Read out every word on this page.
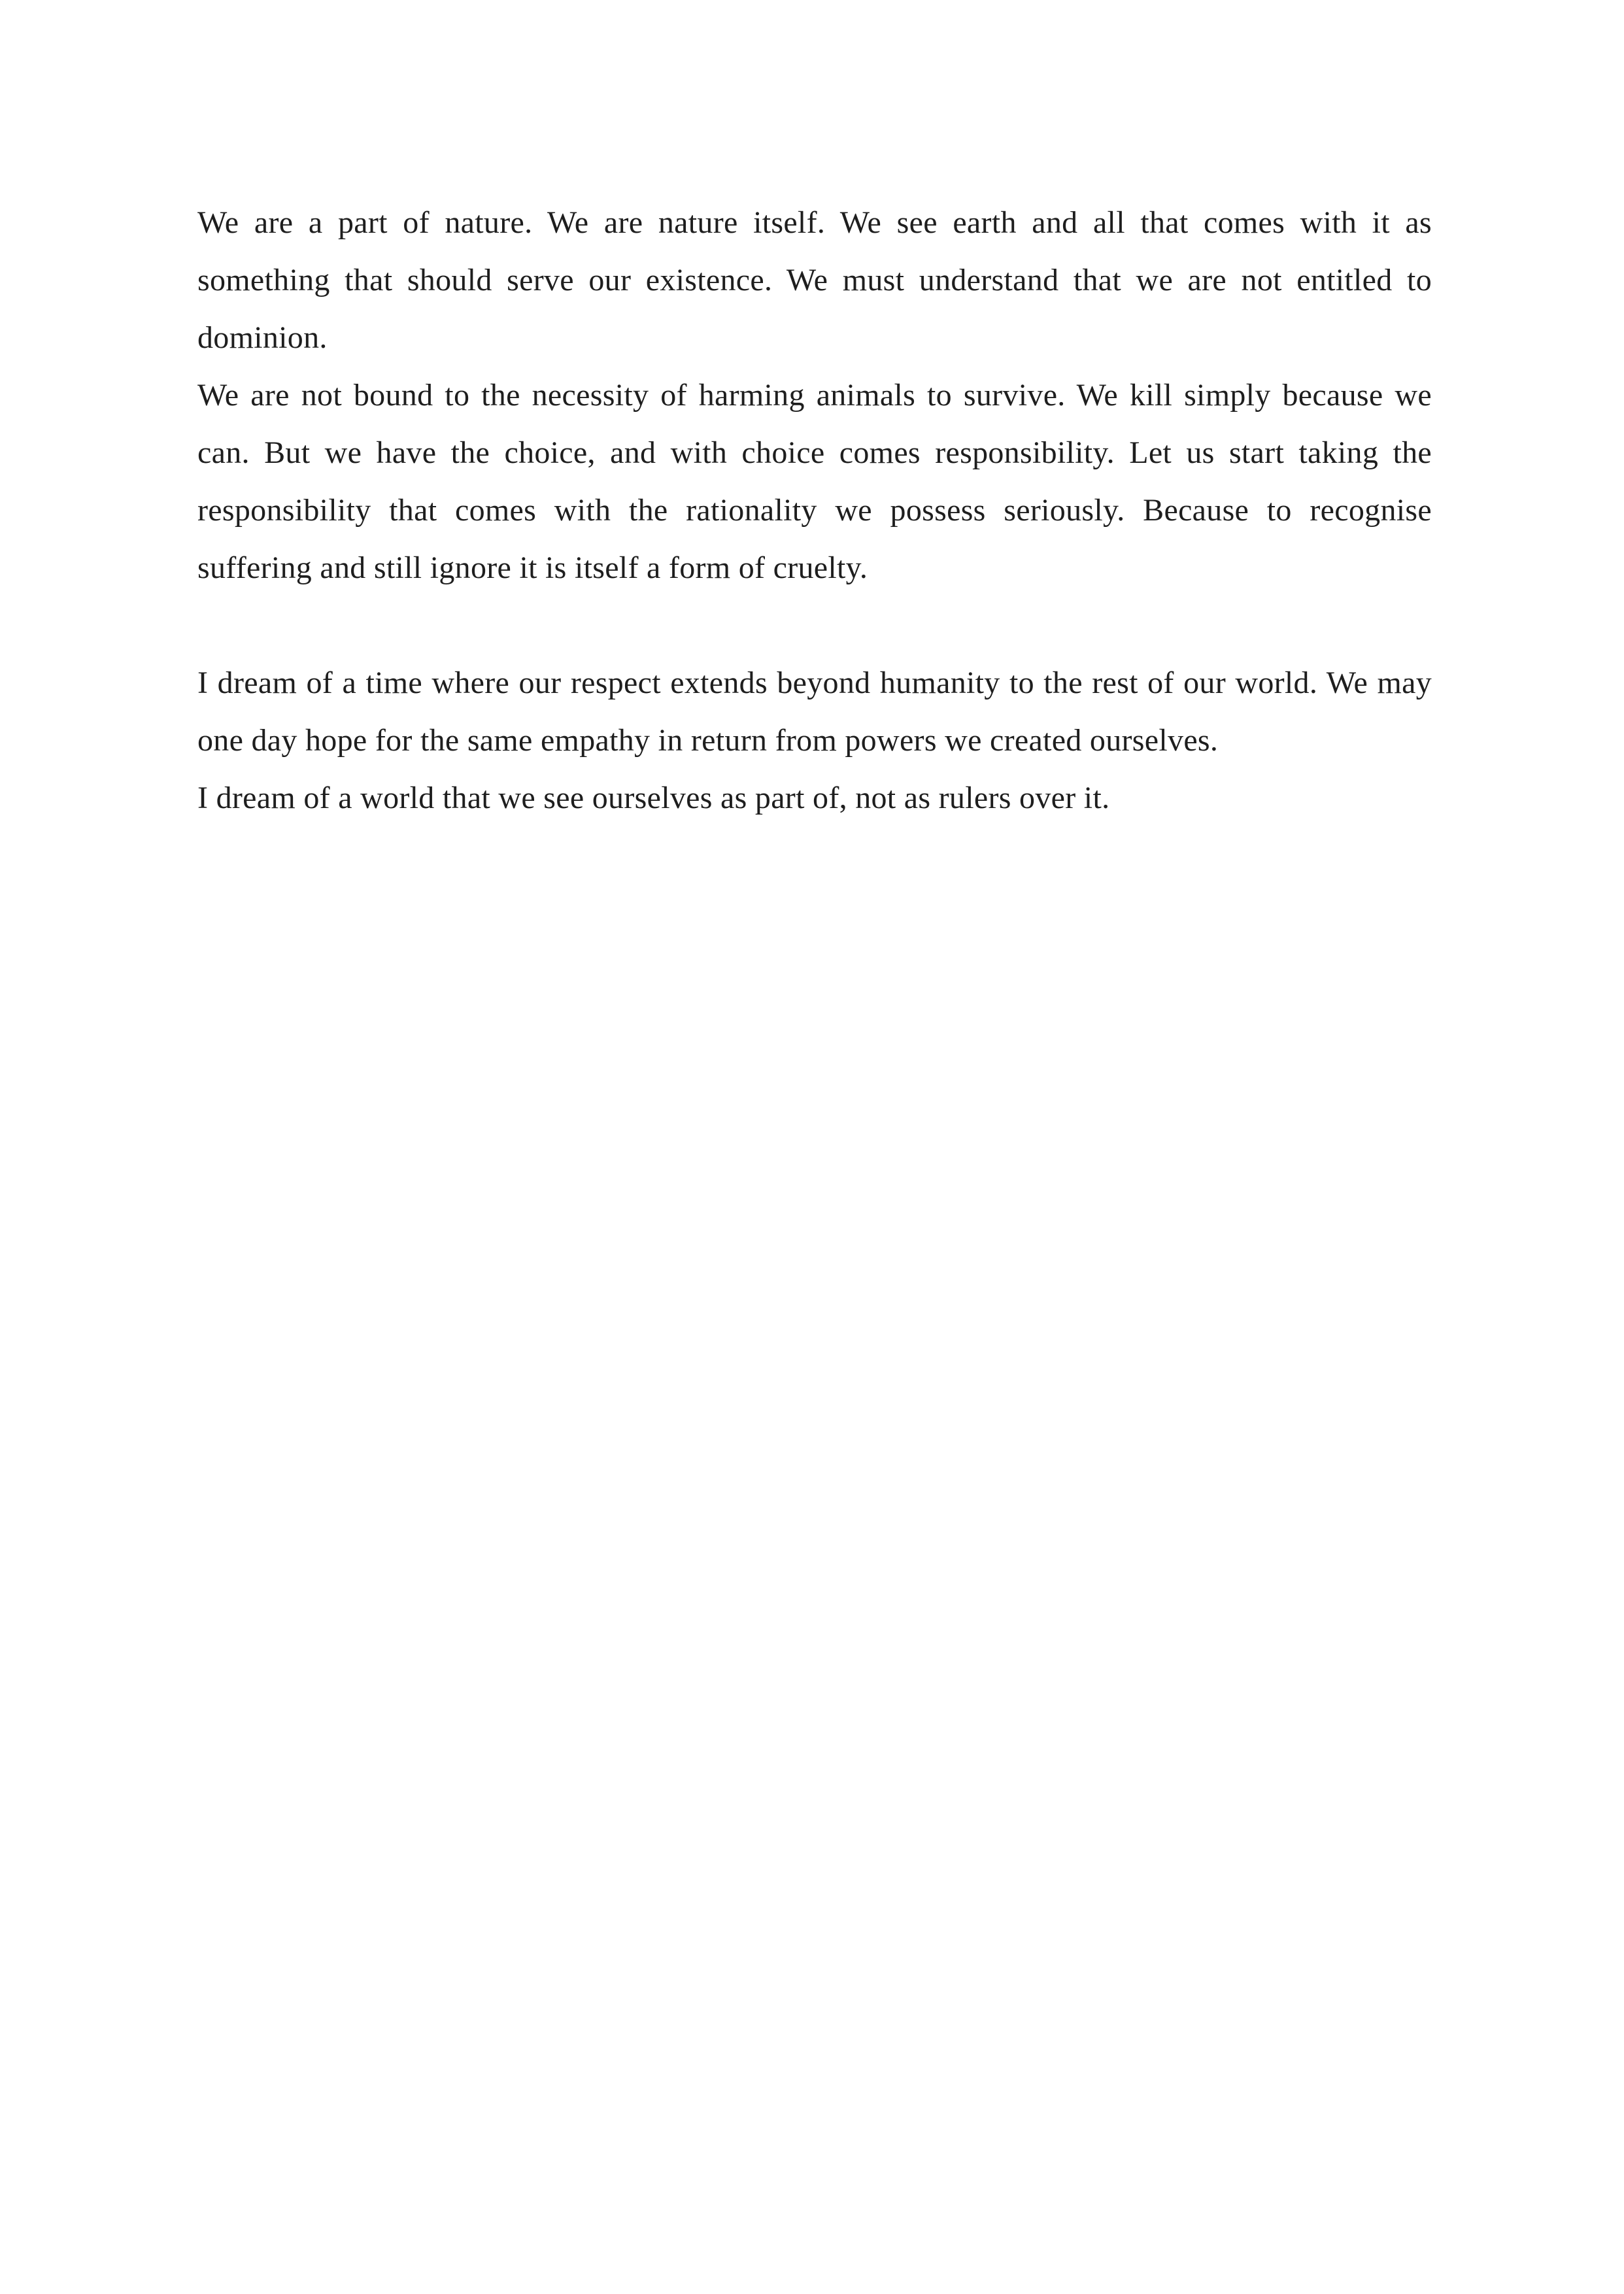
We are a part of nature. We are nature itself. We see earth and all that comes with it as something that should serve our existence. We must understand that we are not entitled to dominion.

We are not bound to the necessity of harming animals to survive. We kill simply because we can. But we have the choice, and with choice comes responsibility. Let us start taking the responsibility that comes with the rationality we possess seriously. Because to recognise suffering and still ignore it is itself a form of cruelty.

I dream of a time where our respect extends beyond humanity to the rest of our world. We may one day hope for the same empathy in return from powers we created ourselves.

I dream of a world that we see ourselves as part of, not as rulers over it.
